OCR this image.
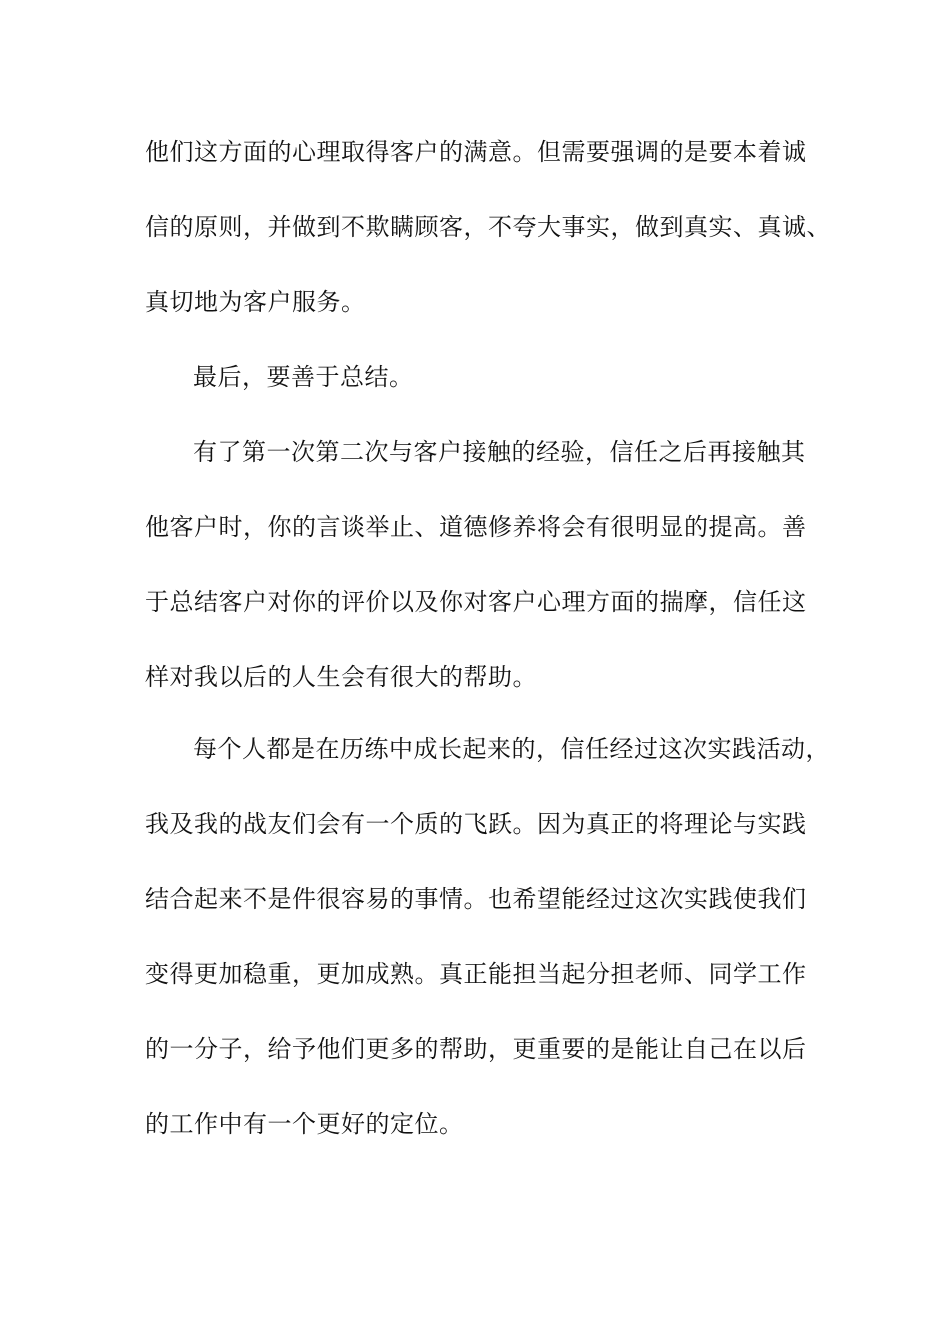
他们这方面的心理取得客户的满意。但需要强调的是要本着诚
信的原则，并做到不欺瞒顾客，不夸大事实，做到真实、真诚、
真切地为客户服务。
最后，要善于总结。
有了第一次第二次与客户接触的经验，信任之后再接触其
他客户时，你的言谈举止、道德修养将会有很明显的提高。善
于总结客户对你的评价以及你对客户心理方面的揣摩，信任这
样对我以后的人生会有很大的帮助。
每个人都是在历练中成长起来的，信任经过这次实践活动，
我及我的战友们会有一个质的飞跃。因为真正的将理论与实践
结合起来不是件很容易的事情。也希望能经过这次实践使我们
变得更加稳重，更加成熟。真正能担当起分担老师、同学工作
的一分子，给予他们更多的帮助，更重要的是能让自己在以后
的工作中有一个更好的定位。
